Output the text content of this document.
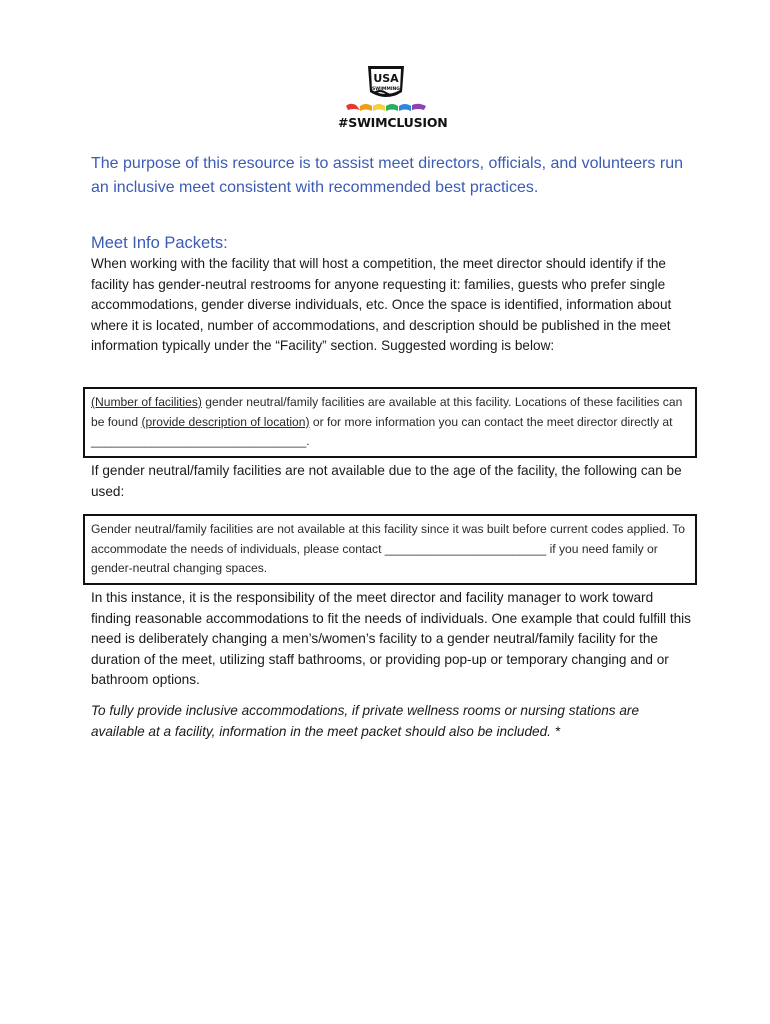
USA
SWIMMING
#SWIMCLUSION
The purpose of this resource is to assist meet directors, officials, and volunteers run an inclusive meet consistent with recommended best practices.
Meet Info Packets:
When working with the facility that will host a competition, the meet director should identify if the facility has gender-neutral restrooms for anyone requesting it: families, guests who prefer single accommodations, gender diverse individuals, etc. Once the space is identified, information about where it is located, number of accommodations, and description should be published in the meet information typically under the “Facility” section. Suggested wording is below:
(Number of facilities) gender neutral/family facilities are available at this facility. Locations of these facilities can be found (provide description of location) or for more information you can contact the meet director directly at ________________________________.
If gender neutral/family facilities are not available due to the age of the facility, the following can be used:
Gender neutral/family facilities are not available at this facility since it was built before current codes applied. To accommodate the needs of individuals, please contact ________________________ if you need family or gender-neutral changing spaces.
In this instance, it is the responsibility of the meet director and facility manager to work toward finding reasonable accommodations to fit the needs of individuals. One example that could fulfill this need is deliberately changing a men’s/women’s facility to a gender neutral/family facility for the duration of the meet, utilizing staff bathrooms, or providing pop-up or temporary changing and or bathroom options.
To fully provide inclusive accommodations, if private wellness rooms or nursing stations are available at a facility, information in the meet packet should also be included. *
